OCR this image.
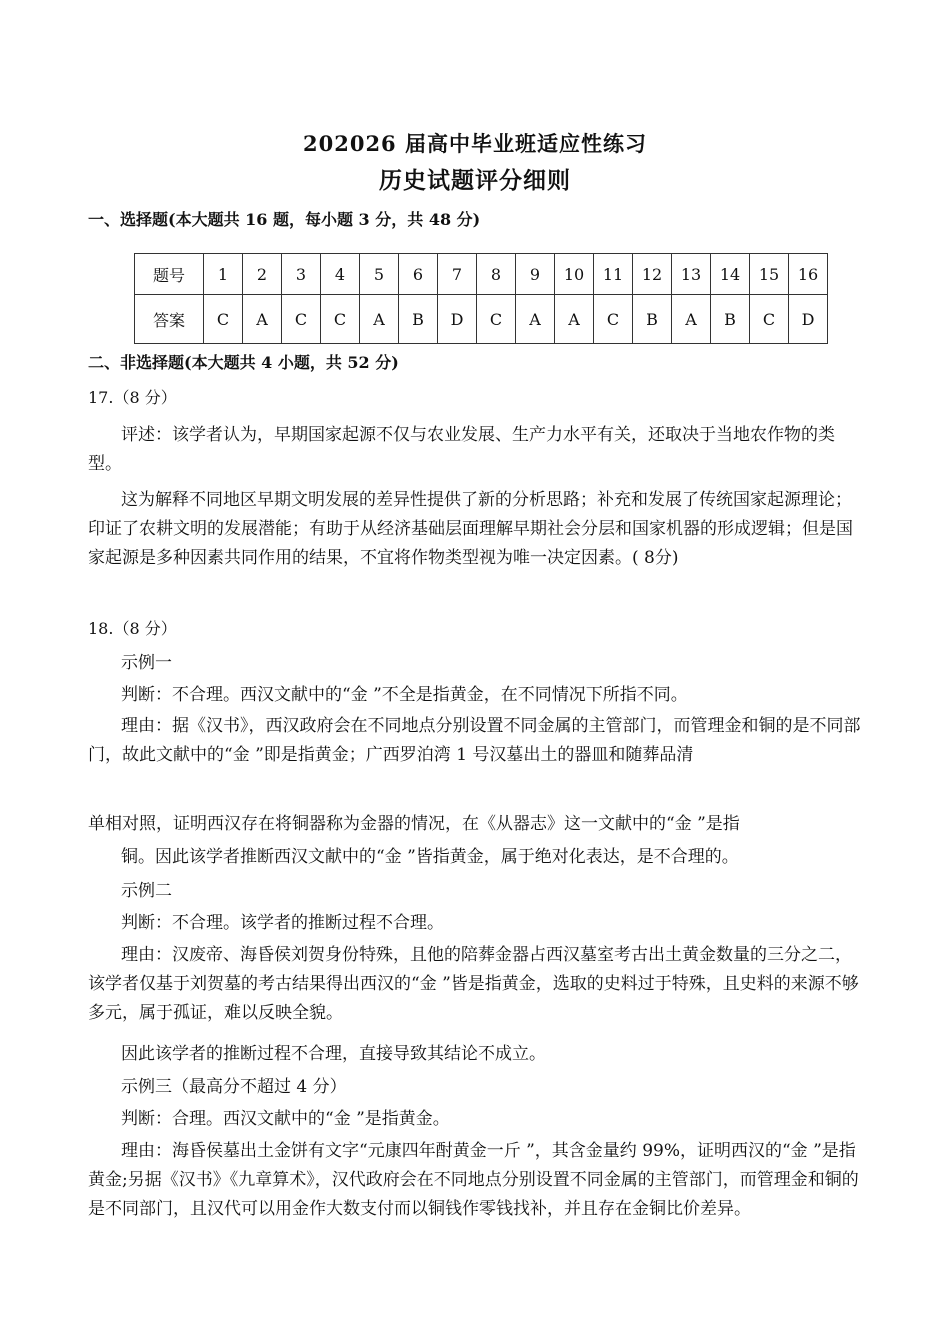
202026 届高中毕业班适应性练习
历史试题评分细则
一、选择题(本大题共 16 题，每小题 3 分，共 48 分)
题号	1	2	3	4	5	6	7	8	9	10	11	12	13	14	15	16
答案	C	A	C	C	A	B	D	C	A	A	C	B	A	B	C	D
二、非选择题(本大题共 4 小题，共 52 分)
17.（8 分）
评述：该学者认为，早期国家起源不仅与农业发展、生产力水平有关，还取决于当地农作物的类型。
这为解释不同地区早期文明发展的差异性提供了新的分析思路；补充和发展了传统国家起源理论；印证了农耕文明的发展潜能；有助于从经济基础层面理解早期社会分层和国家机器的形成逻辑；但是国家起源是多种因素共同作用的结果，不宜将作物类型视为唯一决定因素。( 8分)
18.（8 分）
示例一
判断：不合理。西汉文献中的“金 ”不全是指黄金，在不同情况下所指不同。
理由：据《汉书》，西汉政府会在不同地点分别设置不同金属的主管部门，而管理金和铜的是不同部门，故此文献中的“金 ”即是指黄金；广西罗泊湾 1 号汉墓出土的器皿和随葬品清
单相对照，证明西汉存在将铜器称为金器的情况，在《从器志》这一文献中的“金 ”是指
铜。因此该学者推断西汉文献中的“金 ”皆指黄金，属于绝对化表达，是不合理的。
示例二
判断：不合理。该学者的推断过程不合理。
理由：汉废帝、海昏侯刘贺身份特殊，且他的陪葬金器占西汉墓室考古出土黄金数量的三分之二，该学者仅基于刘贺墓的考古结果得出西汉的“金 ”皆是指黄金，选取的史料过于特殊，且史料的来源不够多元，属于孤证，难以反映全貌。
因此该学者的推断过程不合理，直接导致其结论不成立。
示例三（最高分不超过 4 分）
判断：合理。西汉文献中的“金 ”是指黄金。
理由：海昏侯墓出土金饼有文字“元康四年酎黄金一斤 ”，其含金量约 99%，证明西汉的“金 ”是指黄金;另据《汉书》《九章算术》，汉代政府会在不同地点分别设置不同金属的主管部门，而管理金和铜的是不同部门，且汉代可以用金作大数支付而以铜钱作零钱找补，并且存在金铜比价差异。
